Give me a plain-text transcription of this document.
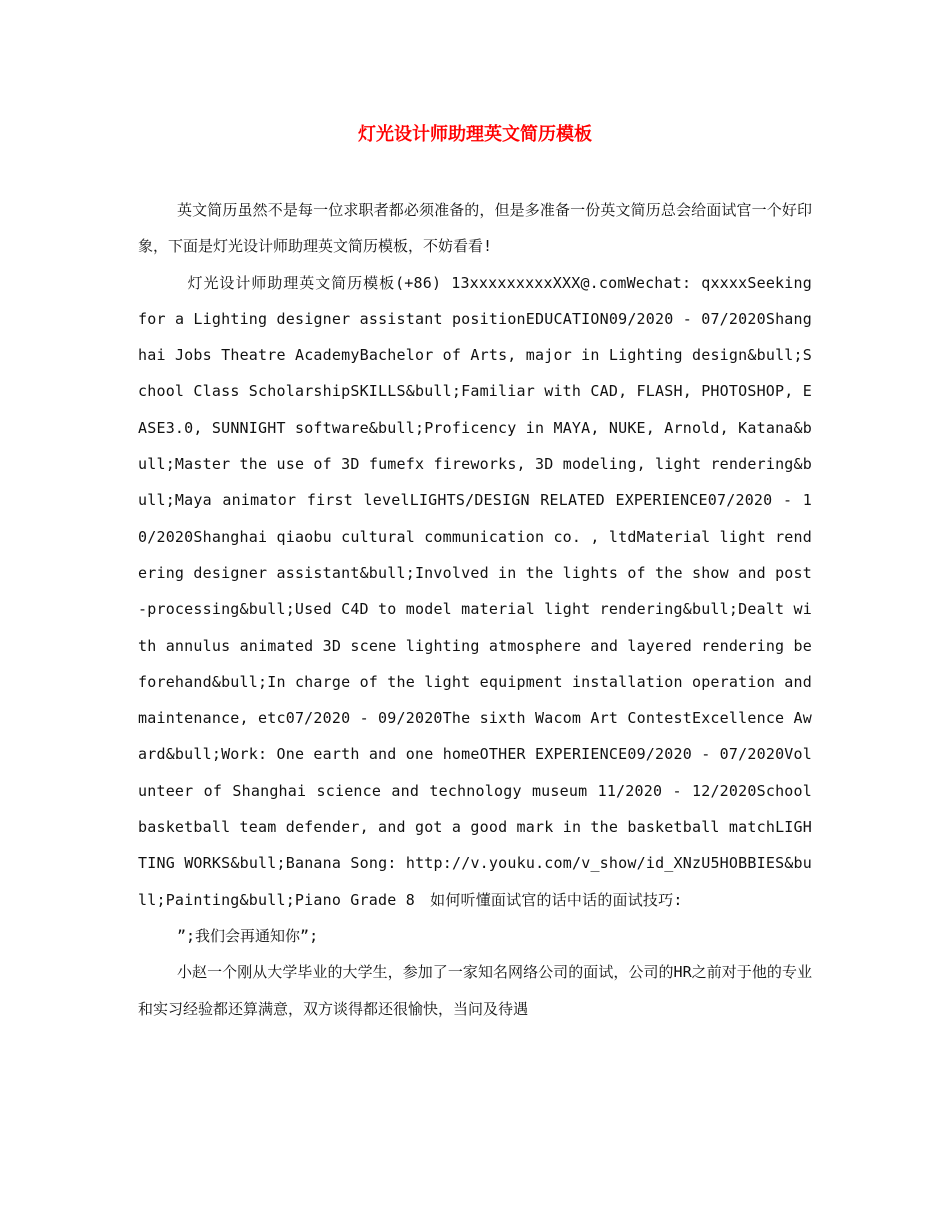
灯光设计师助理英文简历模板

英文简历虽然不是每一位求职者都必须准备的，但是多准备一份英文简历总会给面试官一个好印象，下面是灯光设计师助理英文简历模板，不妨看看!

灯光设计师助理英文简历模板(+86) 13xxxxxxxxxXXX@.comWechat: qxxxxSeeking for a Lighting designer assistant positionEDUCATION09/2020 - 07/2020Shanghai Jobs Theatre AcademyBachelor of Arts, major in Lighting design&bull;School Class ScholarshipSKILLS&bull;Familiar with CAD, FLASH, PHOTOSHOP, EASE3.0, SUNNIGHT software&bull;Proficency in MAYA, NUKE, Arnold, Katana&bull;Master the use of 3D fumefx fireworks, 3D modeling, light rendering&bull;Maya animator first levelLIGHTS/DESIGN RELATED EXPERIENCE07/2020 - 10/2020Shanghai qiaobu cultural communication co. , ltdMaterial light rendering designer assistant&bull;Involved in the lights of the show and post-processing&bull;Used C4D to model material light rendering&bull;Dealt with annulus animated 3D scene lighting atmosphere and layered rendering beforehand&bull;In charge of the light equipment installation operation and maintenance, etc07/2020 - 09/2020The sixth Wacom Art ContestExcellence Award&bull;Work: One earth and one homeOTHER EXPERIENCE09/2020 - 07/2020Volunteer of Shanghai science and technology museum 11/2020 - 12/2020School basketball team defender, and got a good mark in the basketball matchLIGHTING WORKS&bull;Banana Song: http://v.youku.com/v_show/id_XNzU5HOBBIES&bull;Painting&bull;Piano Grade 8　如何听懂面试官的话中话的面试技巧:

”;我们会再通知你”;

小赵一个刚从大学毕业的大学生，参加了一家知名网络公司的面试，公司的HR之前对于他的专业和实习经验都还算满意，双方谈得都还很愉快，当问及待遇
